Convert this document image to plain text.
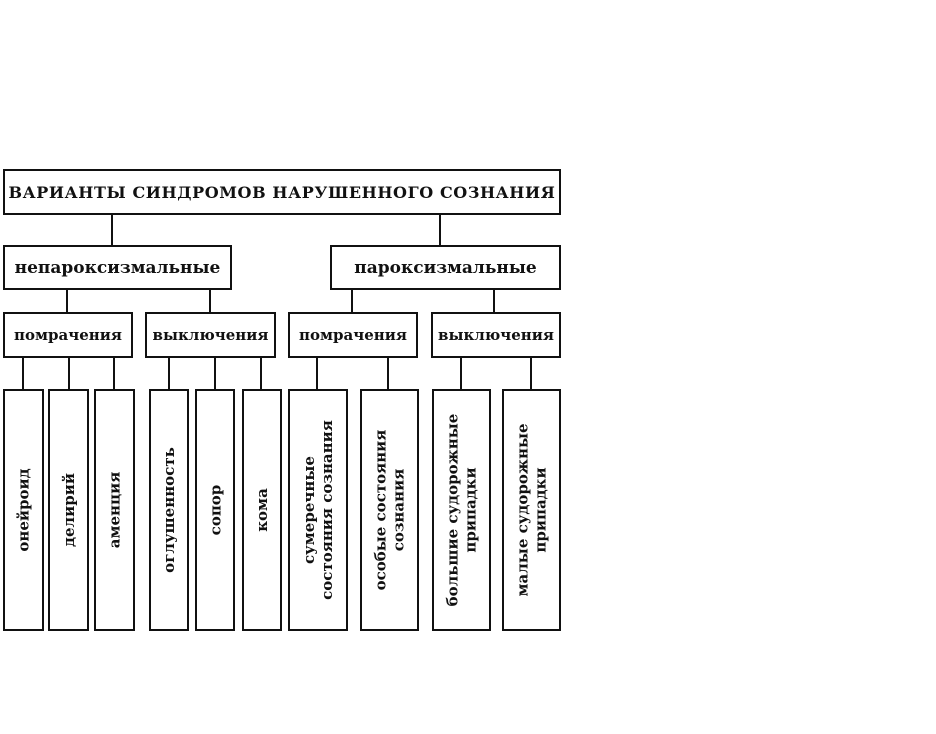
ВАРИАНТЫ СИНДРОМОВ НАРУШЕННОГО СОЗНАНИЯ
непароксизмальные	пароксизмальные
помрачения выключения помрачения выключения
онейроид делирий аменция оглушенность сопор кома сумеречные состояния сознания особые состояния сознания большие судорожные припадки малые судорожные припадки
